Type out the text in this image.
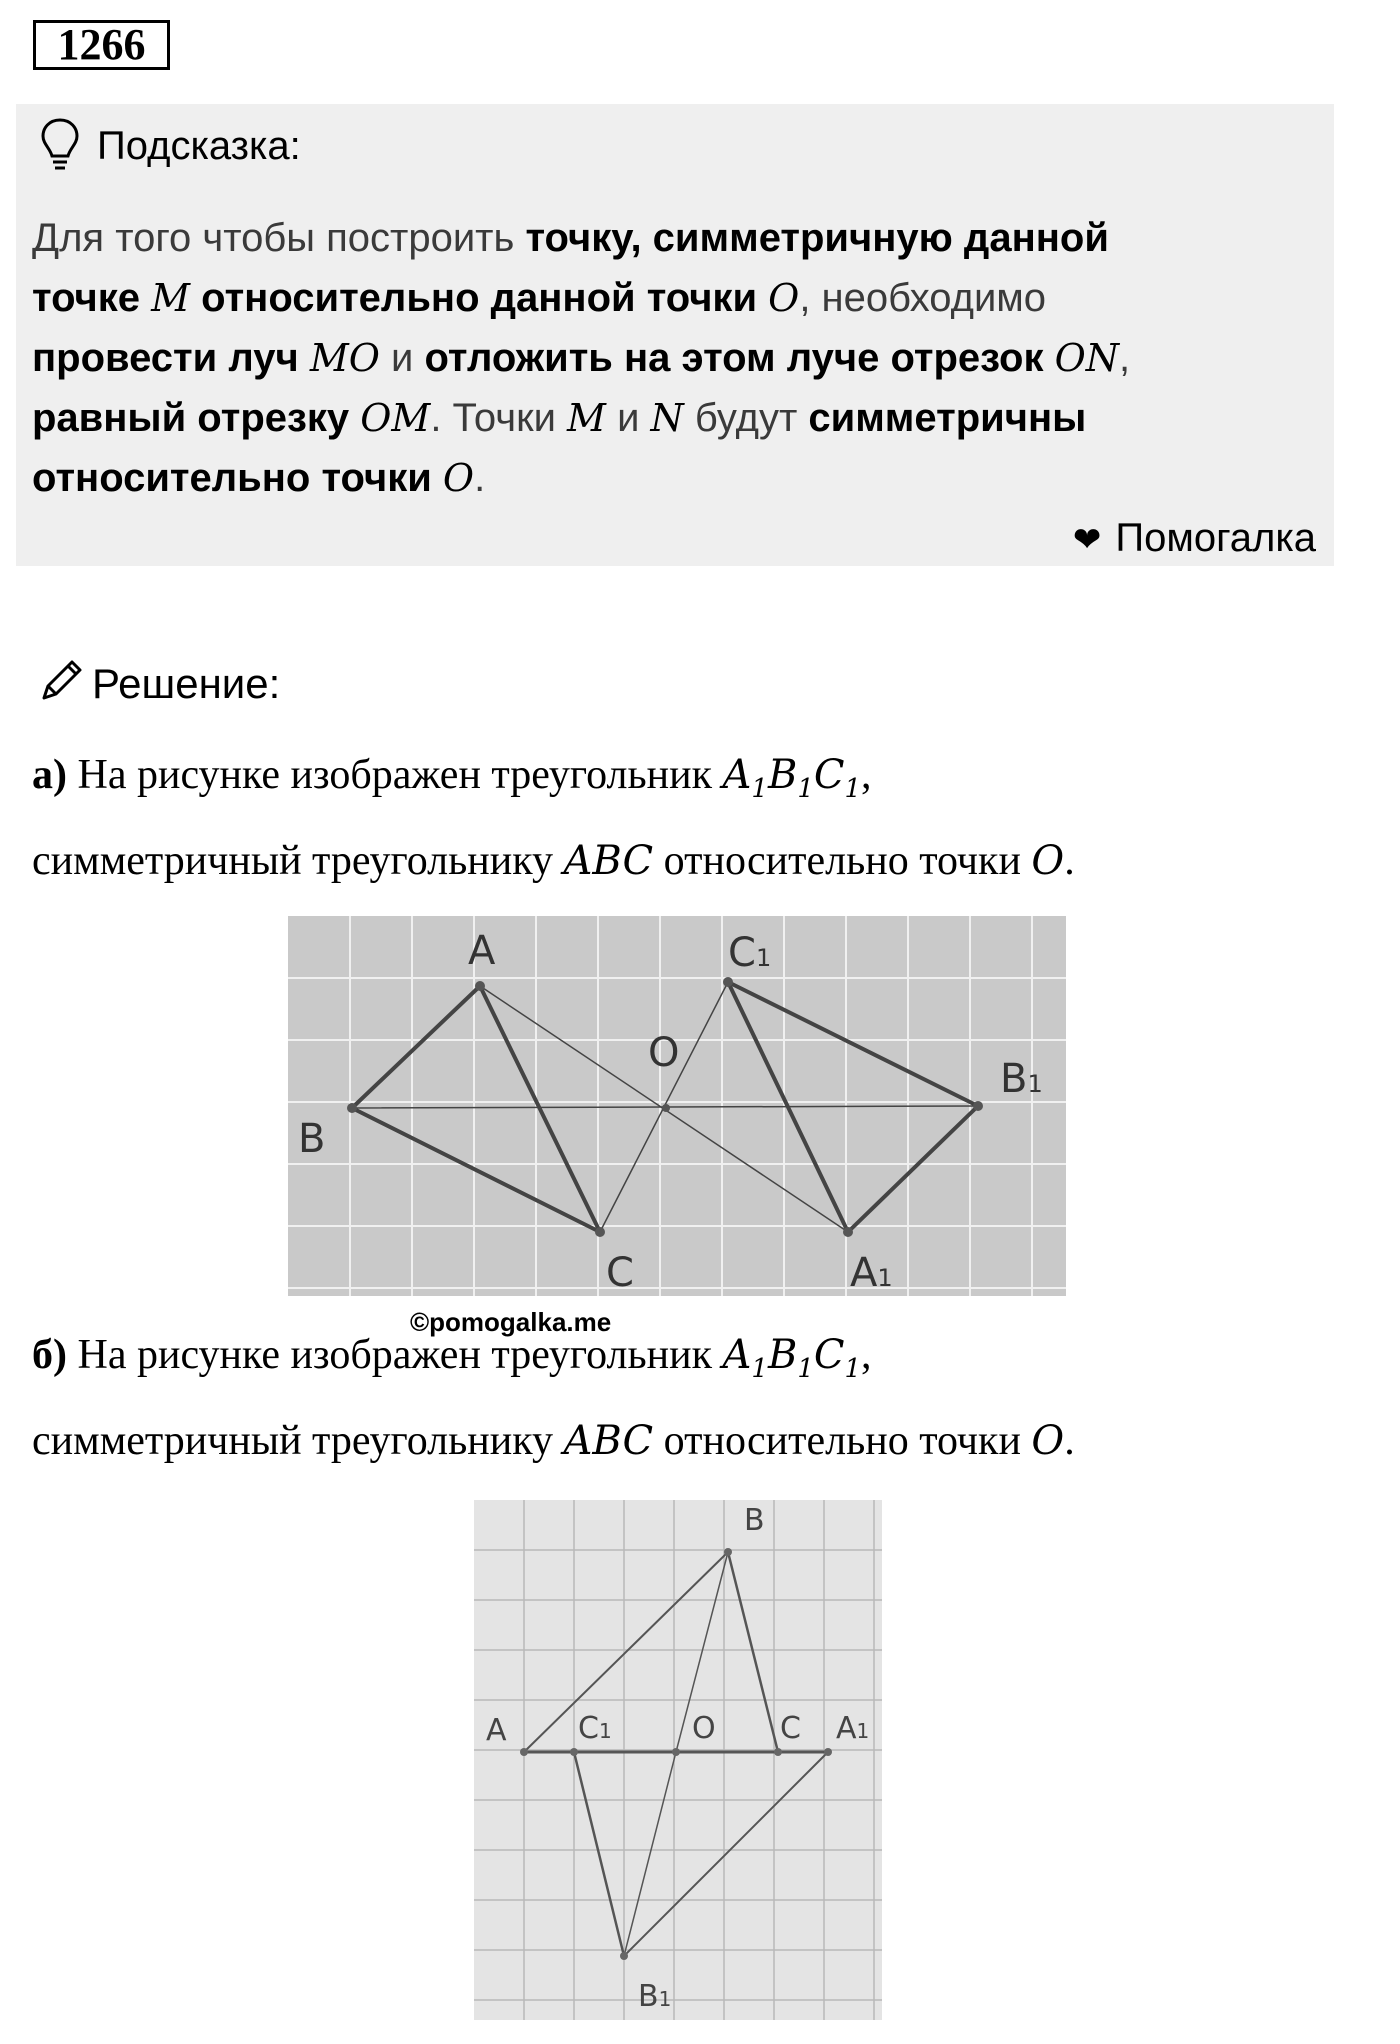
1266
Подсказка:
Для того чтобы построить точку, симметричную данной
точке M относительно данной точки O, необходимо
провести луч MO и отложить на этом луче отрезок ON,
равный отрезку OM. Точки M и N будут симметричны
относительно точки O.
❤ Помогалка
Решение:
а) На рисунке изображен треугольник $A_1B_1C_1$,
симметричный треугольнику ABC относительно точки O.
A
B
C
O
C1
B1
A1
©pomogalka.me
б) На рисунке изображен треугольник $A_1B_1C_1$,
симметричный треугольнику ABC относительно точки O.
B
A C1	O C A1
B1
